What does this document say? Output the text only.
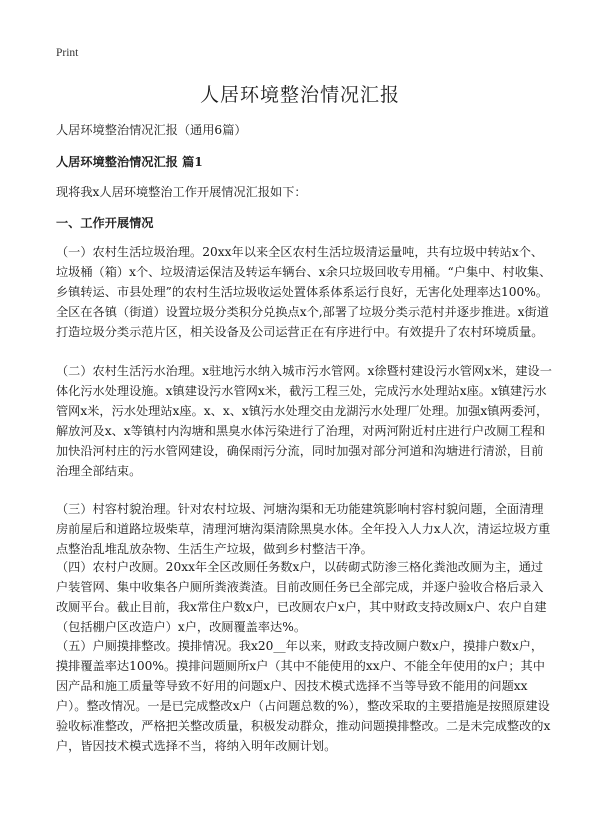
Print
人居环境整治情况汇报
人居环境整治情况汇报（通用6篇）
人居环境整治情况汇报 篇1
现将我x人居环境整治工作开展情况汇报如下：
一、工作开展情况
（一）农村生活垃圾治理。20xx年以来全区农村生活垃圾清运量吨，共有垃圾中转站x个、垃圾桶（箱）x个、垃圾清运保洁及转运车辆台、x余只垃圾回收专用桶。“户集中、村收集、乡镇转运、市县处理”的农村生活垃圾收运处置体系体系运行良好，无害化处理率达100%。全区在各镇（街道）设置垃圾分类积分兑换点x个,部署了垃圾分类示范村并逐步推进。x街道打造垃圾分类示范片区，相关设备及公司运营正在有序进行中。有效提升了农村环境质量。
（二）农村生活污水治理。x驻地污水纳入城市污水管网。x徐暨村建设污水管网x米，建设一体化污水处理设施。x镇建设污水管网x米，截污工程三处，完成污水处理站x座。x镇建污水管网x米，污水处理站x座。x、x、x镇污水处理交由龙湖污水处理厂处理。加强x镇两委河，解放河及x、x等镇村内沟塘和黑臭水体污染进行了治理，对两河附近村庄进行户改厕工程和加快沿河村庄的污水管网建设，确保雨污分流，同时加强对部分河道和沟塘进行清淤，目前治理全部结束。
（三）村容村貌治理。针对农村垃圾、河塘沟渠和无功能建筑影响村容村貌问题，全面清理房前屋后和道路垃圾柴草，清理河塘沟渠清除黑臭水体。全年投入人力x人次，清运垃圾方重点整治乱堆乱放杂物、生活生产垃圾，做到乡村整洁干净。
（四）农村户改厕。20xx年全区改厕任务数x户，以砖砌式防渗三格化粪池改厕为主，通过户装管网、集中收集各户厕所粪液粪渣。目前改厕任务已全部完成，并逐户验收合格后录入改厕平台。截止目前，我x常住户数x户，已改厕农户x户，其中财政支持改厕x户、农户自建（包括棚户区改造户）x户，改厕覆盖率达%。
（五）户厕摸排整改。摸排情况。我x20__年以来，财政支持改厕户数x户，摸排户数x户，摸排覆盖率达100%。摸排问题厕所x户（其中不能使用的xx户、不能全年使用的x户；其中因产品和施工质量等导致不好用的问题x户、因技术模式选择不当等导致不能用的问题xx户）。整改情况。一是已完成整改x户（占问题总数的%），整改采取的主要措施是按照原建设验收标准整改，严格把关整改质量，积极发动群众，推动问题摸排整改。二是未完成整改的x户，皆因技术模式选择不当，将纳入明年改厕计划。
